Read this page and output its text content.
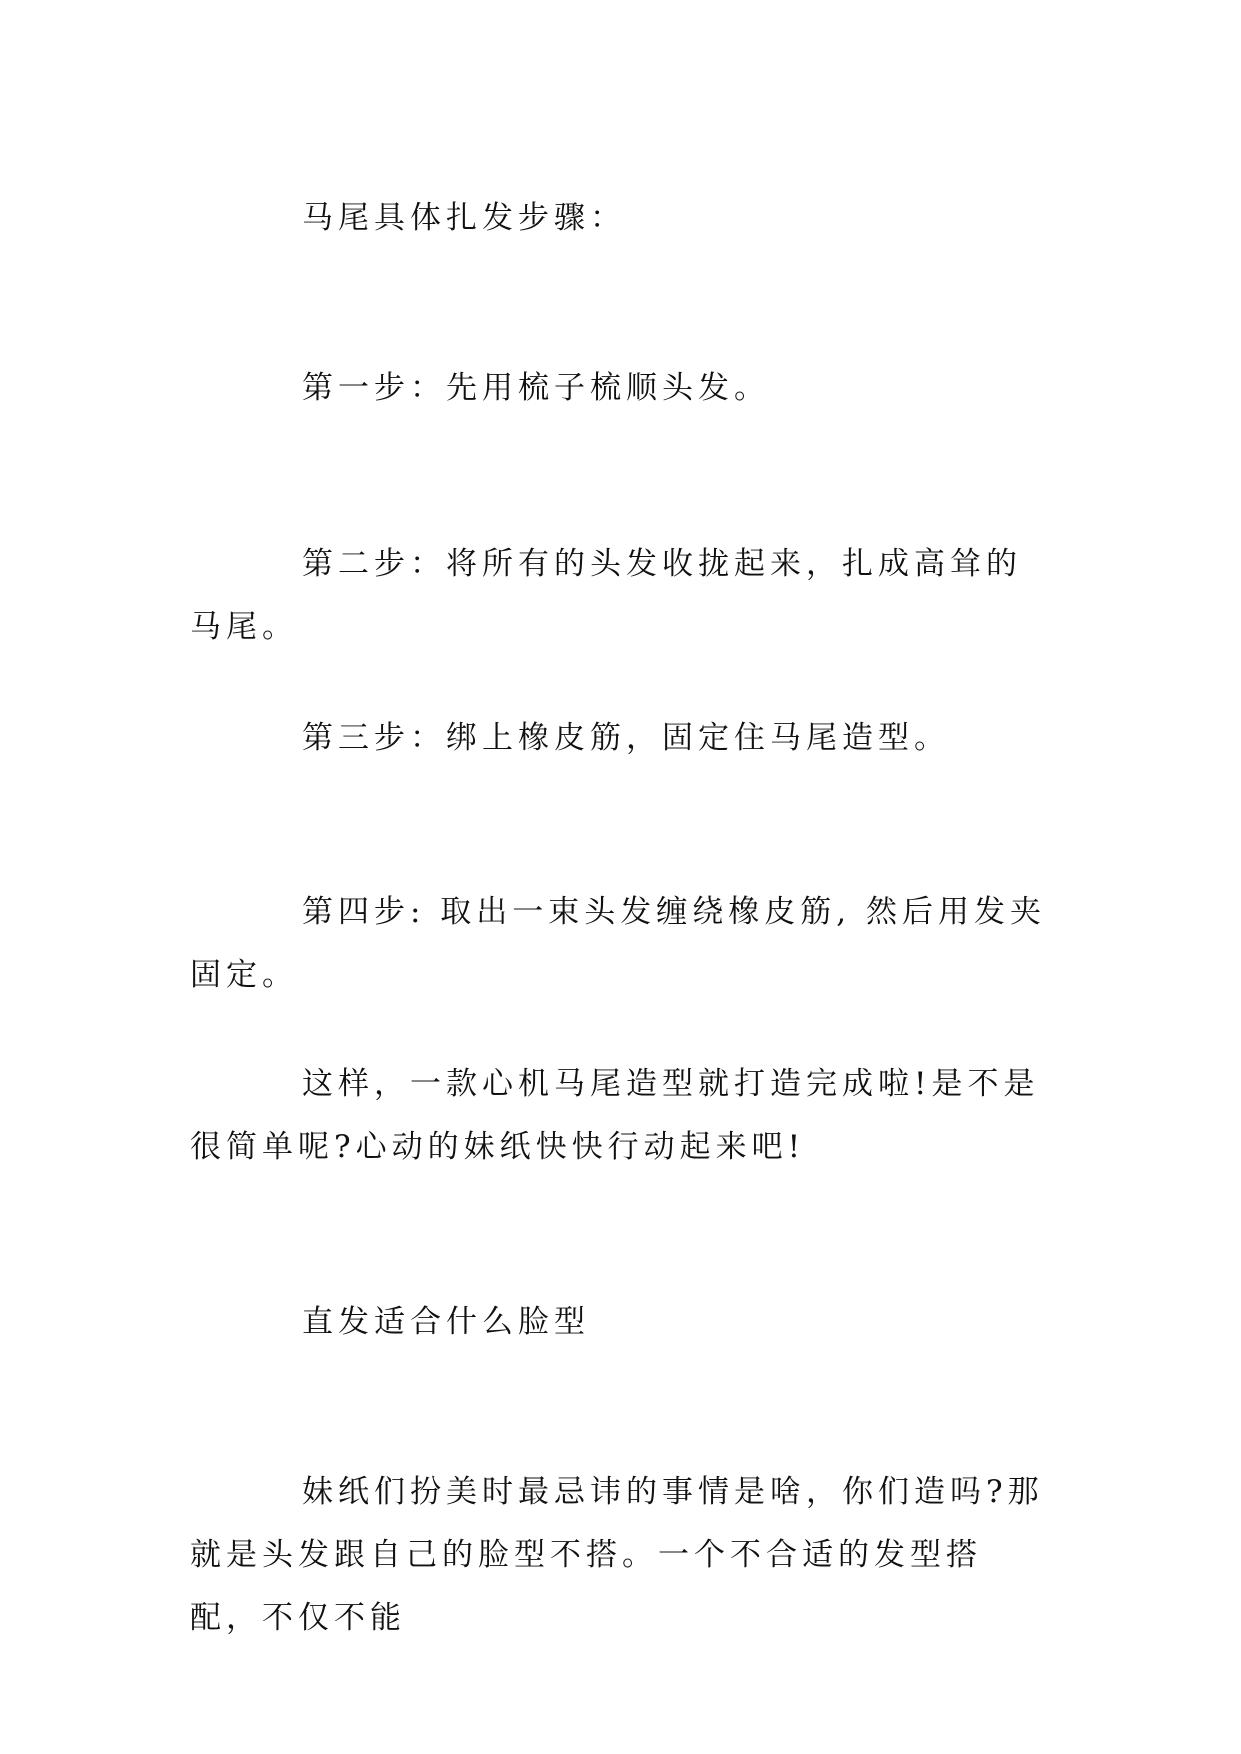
马尾具体扎发步骤：

第一步：先用梳子梳顺头发。

第二步：将所有的头发收拢起来，扎成高耸的马尾。

第三步：绑上橡皮筋，固定住马尾造型。

第四步: 取出一束头发缠绕橡皮筋, 然后用发夹固定。

这样，一款心机马尾造型就打造完成啦!是不是很简单呢?心动的妹纸快快行动起来吧!

直发适合什么脸型

妹纸们扮美时最忌讳的事情是啥，你们造吗?那就是头发跟自己的脸型不搭。一个不合适的发型搭配，不仅不能
